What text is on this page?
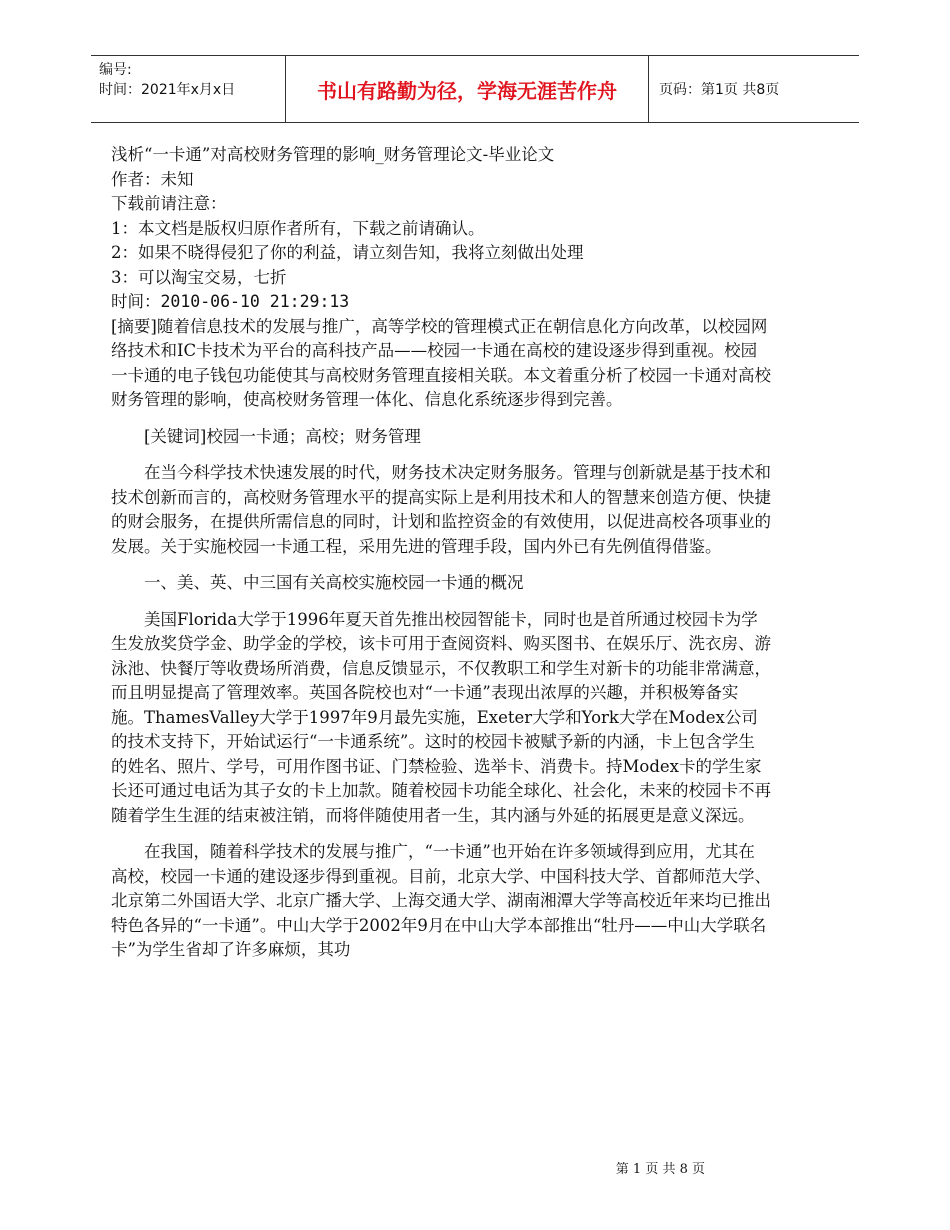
编号:
时间：2021年x月x日	书山有路勤为径，学海无涯苦作舟	页码：第1页 共8页

浅析“一卡通”对高校财务管理的影响_财务管理论文-毕业论文

作者：未知

下载前请注意：

1：本文档是版权归原作者所有，下载之前请确认。

2：如果不晓得侵犯了你的利益，请立刻告知，我将立刻做出处理

3：可以淘宝交易，七折

时间：2010-06-10 21:29:13

[摘要]随着信息技术的发展与推广，高等学校的管理模式正在朝信息化方向改革，以校园网络技术和IC卡技术为平台的高科技产品——校园一卡通在高校的建设逐步得到重视。校园一卡通的电子钱包功能使其与高校财务管理直接相关联。本文着重分析了校园一卡通对高校财务管理的影响，使高校财务管理一体化、信息化系统逐步得到完善。

[关键词]校园一卡通；高校；财务管理

在当今科学技术快速发展的时代，财务技术决定财务服务。管理与创新就是基于技术和技术创新而言的，高校财务管理水平的提高实际上是利用技术和人的智慧来创造方便、快捷的财会服务，在提供所需信息的同时，计划和监控资金的有效使用，以促进高校各项事业的发展。关于实施校园一卡通工程，采用先进的管理手段，国内外已有先例值得借鉴。

一、美、英、中三国有关高校实施校园一卡通的概况

美国Florida大学于1996年夏天首先推出校园智能卡，同时也是首所通过校园卡为学生发放奖贷学金、助学金的学校，该卡可用于查阅资料、购买图书、在娱乐厅、洗衣房、游泳池、快餐厅等收费场所消费，信息反馈显示，不仅教职工和学生对新卡的功能非常满意，而且明显提高了管理效率。英国各院校也对“一卡通”表现出浓厚的兴趣，并积极筹备实施。ThamesValley大学于1997年9月最先实施，Exeter大学和York大学在Modex公司的技术支持下，开始试运行“一卡通系统”。这时的校园卡被赋予新的内涵，卡上包含学生的姓名、照片、学号，可用作图书证、门禁检验、选举卡、消费卡。持Modex卡的学生家长还可通过电话为其子女的卡上加款。随着校园卡功能全球化、社会化，未来的校园卡不再随着学生生涯的结束被注销，而将伴随使用者一生，其内涵与外延的拓展更是意义深远。

在我国，随着科学技术的发展与推广，“一卡通”也开始在许多领域得到应用，尤其在高校，校园一卡通的建设逐步得到重视。目前，北京大学、中国科技大学、首都师范大学、北京第二外国语大学、北京广播大学、上海交通大学、湖南湘潭大学等高校近年来均已推出特色各异的“一卡通”。中山大学于2002年9月在中山大学本部推出“牡丹——中山大学联名卡”为学生省却了许多麻烦，其功

第 1 页 共 8 页
